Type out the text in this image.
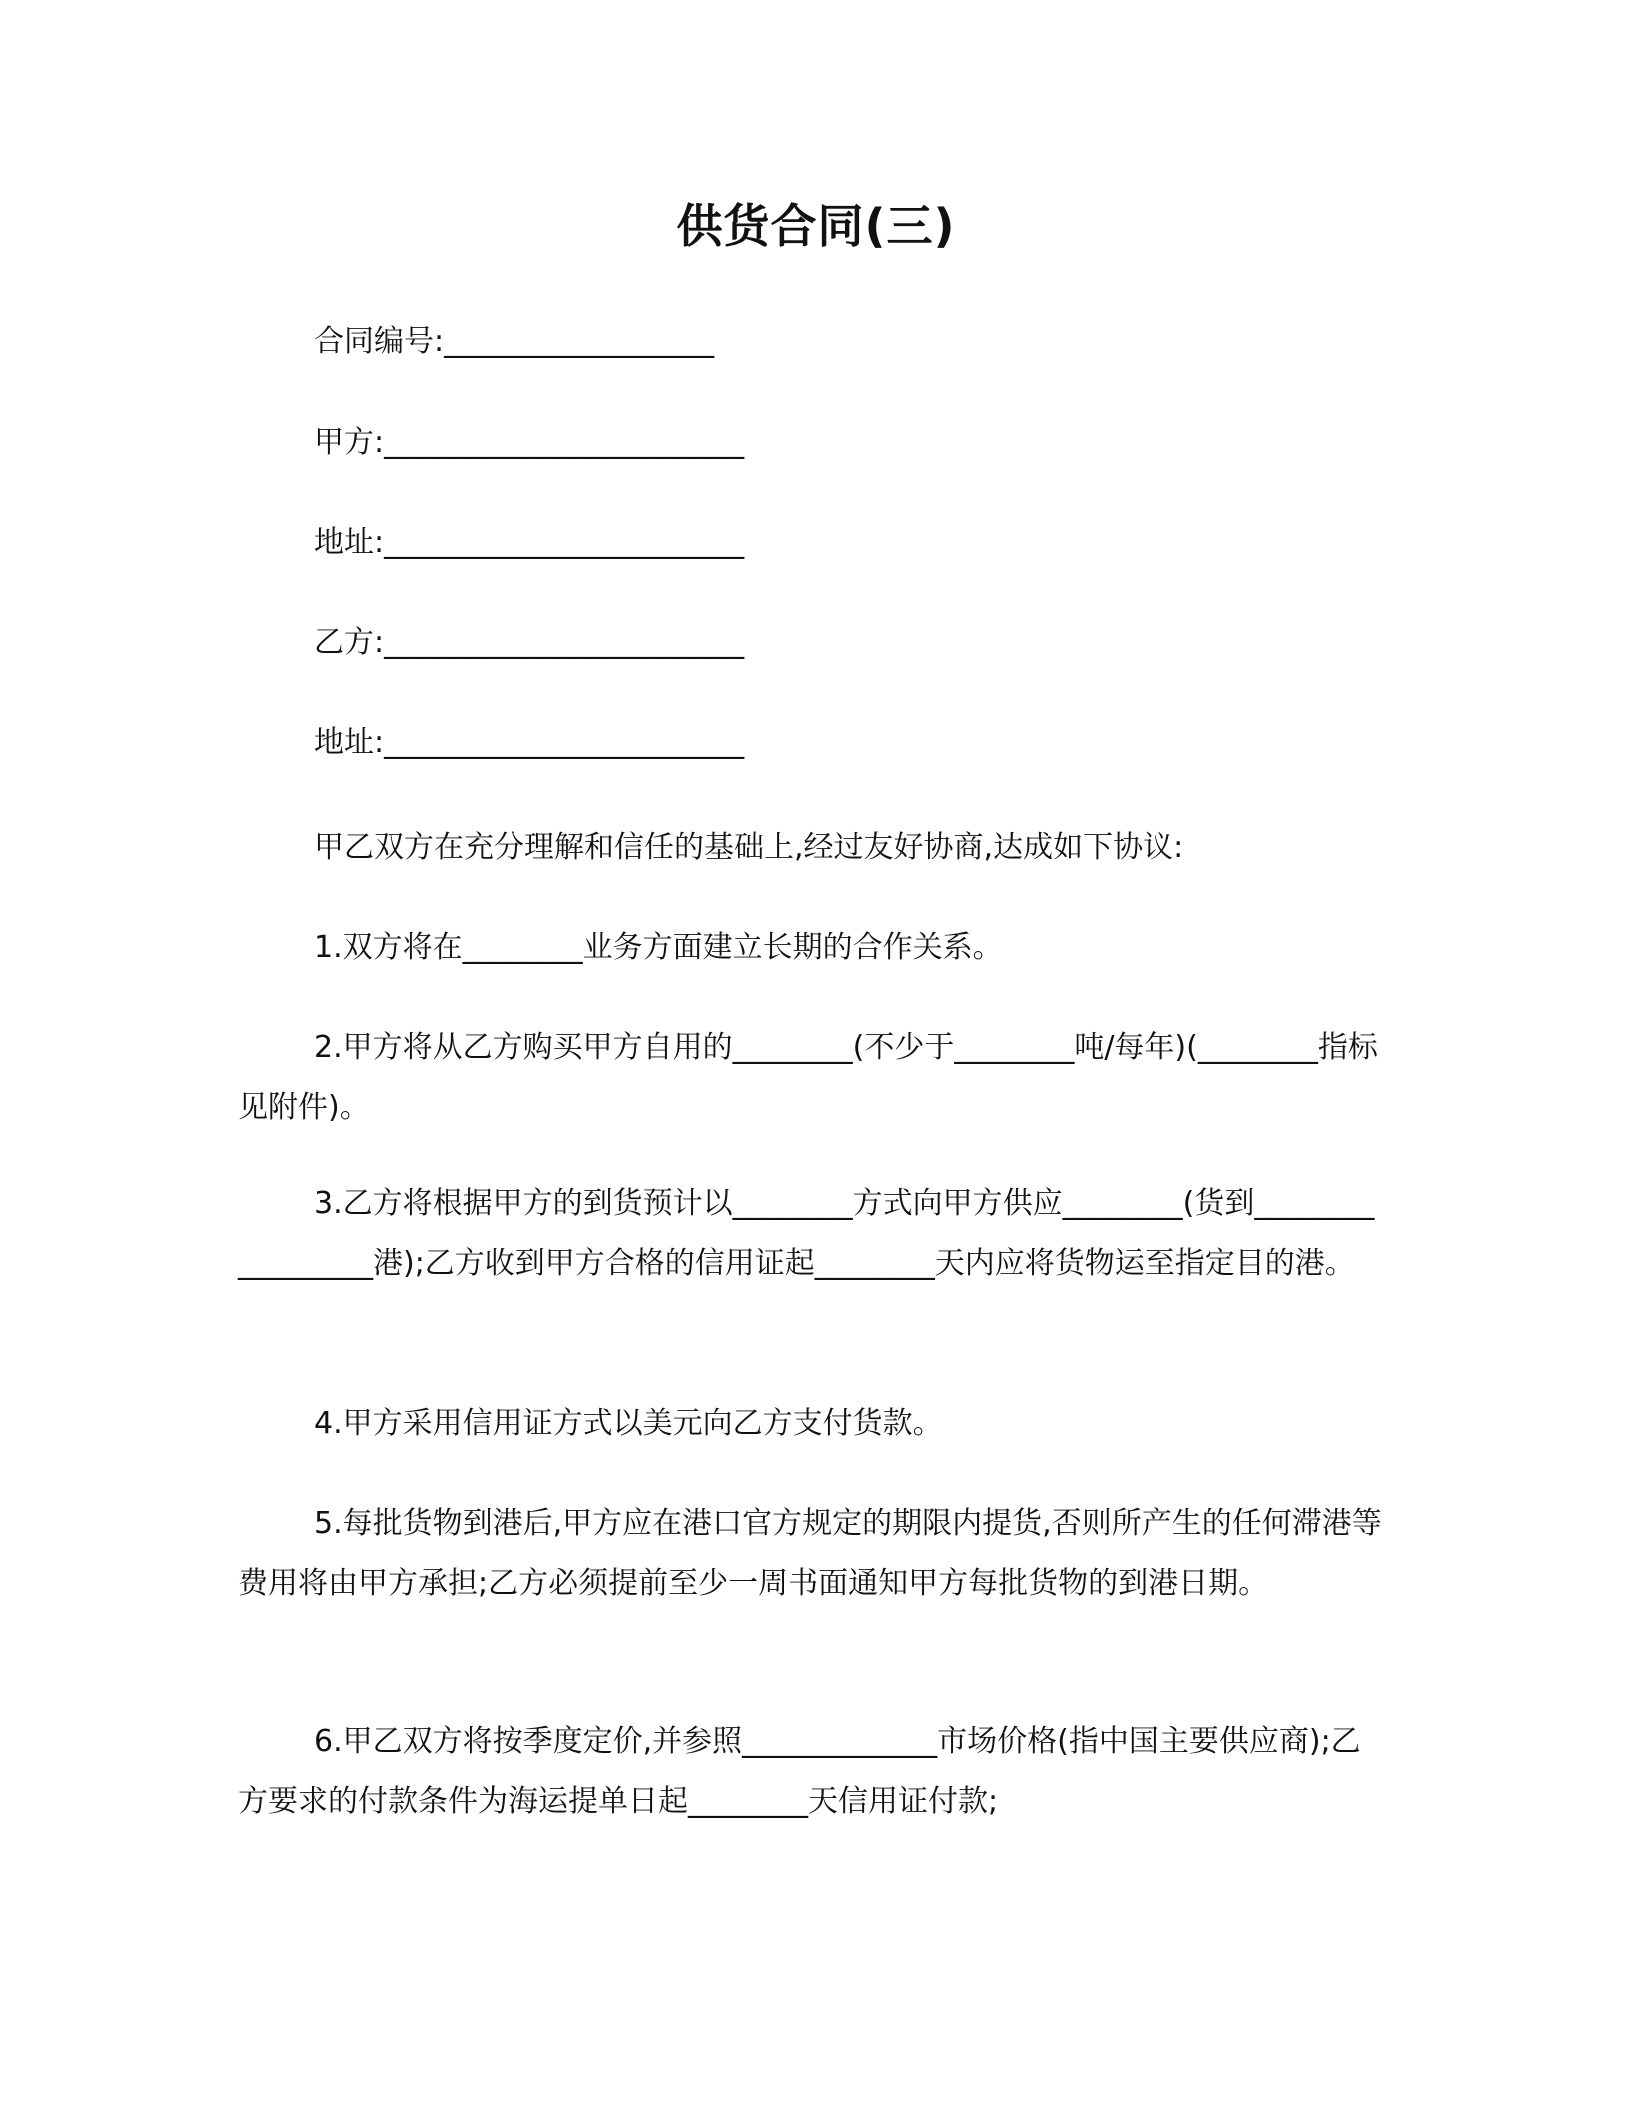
供货合同(三)
合同编号:__________________
甲方:________________________
地址:________________________
乙方:________________________
地址:________________________
甲乙双方在充分理解和信任的基础上,经过友好协商,达成如下协议:
1.双方将在________业务方面建立长期的合作关系。
2.甲方将从乙方购买甲方自用的________(不少于________吨/每年)(________指标见附件)。
3.乙方将根据甲方的到货预计以________方式向甲方供应________(货到_________________港);乙方收到甲方合格的信用证起________天内应将货物运至指定目的港。
4.甲方采用信用证方式以美元向乙方支付货款。
5.每批货物到港后,甲方应在港口官方规定的期限内提货,否则所产生的任何滞港等费用将由甲方承担;乙方必须提前至少一周书面通知甲方每批货物的到港日期。
6.甲乙双方将按季度定价,并参照_____________市场价格(指中国主要供应商);乙方要求的付款条件为海运提单日起________天信用证付款;
